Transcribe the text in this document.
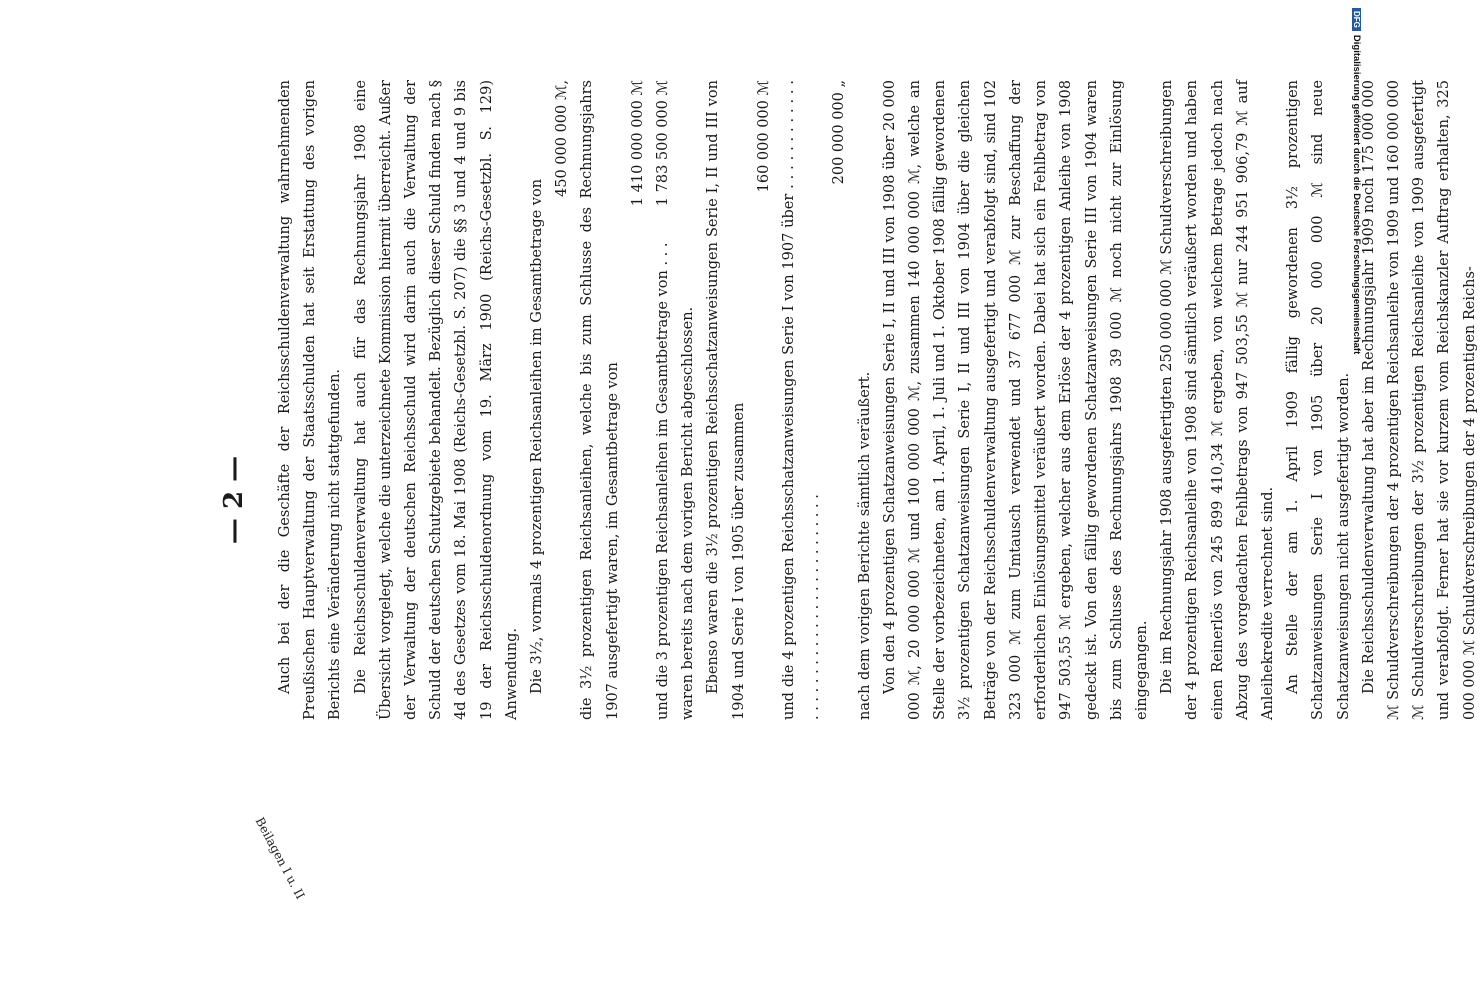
DFGDigitalisierung gefördert durch die Deutsche Forschungsgemeinschaft
— 2 — Auch bei der die Geschäfte der Reichsschuldenverwaltung wahrnehmenden Preußischen Hauptverwaltung der Staatsschulden hat seit Erstattung des vorigen Berichts eine Veränderung nicht stattgefunden. Die Reichsschuldenverwaltung hat auch für das Rechnungsjahr 1908 eine Übersicht vorgelegt, welche die unterzeichnete Kommission hiermit überreicht. Außer der Verwaltung der deutschen Reichsschuld wird darin auch die Verwaltung der Schuld der deutschen Schutzgebiete behandelt. Bezüglich dieser Schuld finden nach § 4d des Gesetzes vom 18. Mai 1908 (Reichs-Gesetzbl. S. 207) die §§ 3 und 4 und 9 bis 19 der Reichsschuldenordnung vom 19. März 1900 (Reichs-Gesetzbl. S. 129) Anwendung. Die 3½, vormals 4 prozentigen Reichsanleihen im Gesamtbetrage von

450 000 000 ℳ, die 3½ prozentigen Reichsanleihen, welche bis zum Schlusse des Rechnungsjahrs 1907 ausgefertigt waren, im Gesamtbetrage von
1 410 000 000 ℳ
und die 3 prozentigen Reichsanleihen im Gesamtbetrage von . . .
1 783 500 000 ℳ

waren bereits nach dem vorigen Bericht abgeschlossen. Ebenso waren die 3½ prozentigen Reichsschatzanweisungen Serie I, II und III von 1904 und Serie I von 1905 über zusammen

160 000 000 ℳ und die 4 prozentigen Reichsschatzanweisungen Serie I von 1907 über . . . . . . . . . . . . . . . . . . . . . . . . . . . . . . . . . . . . .

200 000 000 „

nach dem vorigen Berichte sämtlich veräußert. Von den 4 prozentigen Schatzanweisungen Serie I, II und III von 1908 über 20 000 000 ℳ, 20 000 000 ℳ und 100 000 000 ℳ, zusammen 140 000 000 ℳ, welche an Stelle der vorbezeichneten, am 1. April, 1. Juli und 1. Oktober 1908 fällig gewordenen 3½ prozentigen Schatzanweisungen Serie I, II und III von 1904 über die gleichen Beträge von der Reichsschuldenverwaltung ausgefertigt und verabfolgt sind, sind 102 323 000 ℳ zum Umtausch verwendet und 37 677 000 ℳ zur Beschaffung der erforderlichen Einlösungsmittel veräußert worden. Dabei hat sich ein Fehlbetrag von 947 503,55 ℳ ergeben, welcher aus dem Erlöse der 4 prozentigen Anleihe von 1908 gedeckt ist. Von den fällig gewordenen Schatzanweisungen Serie III von 1904 waren bis zum Schlusse des Rechnungsjahrs 1908 39 000 ℳ noch nicht zur Einlösung eingegangen. Die im Rechnungsjahr 1908 ausgefertigten 250 000 000 ℳ Schuldverschreibungen der 4 prozentigen Reichsanleihe von 1908 sind sämtlich veräußert worden und haben einen Reinerlös von 245 899 410,34 ℳ ergeben, von welchem Betrage jedoch nach Abzug des vorgedachten Fehlbetrags von 947 503,55 ℳ nur 244 951 906,79 ℳ auf Anleihekredite verrechnet sind. An Stelle der am 1. April 1909 fällig gewordenen 3½ prozentigen Schatzanweisungen Serie I von 1905 über 20 000 000 ℳ sind neue Schatzanweisungen nicht ausgefertigt worden. Die Reichsschuldenverwaltung hat aber im Rechnungsjahr 1909 noch 175 000 000 ℳ Schuldverschreibungen der 4 prozentigen Reichsanleihe von 1909 und 160 000 000 ℳ Schuldverschreibungen der 3½ prozentigen Reichsanleihe von 1909 ausgefertigt und verabfolgt. Ferner hat sie vor kurzem vom Reichskanzler Auftrag erhalten, 325 000 000 ℳ Schuldverschreibungen der 4 prozentigen Reichs-

Beilagen I u. II
